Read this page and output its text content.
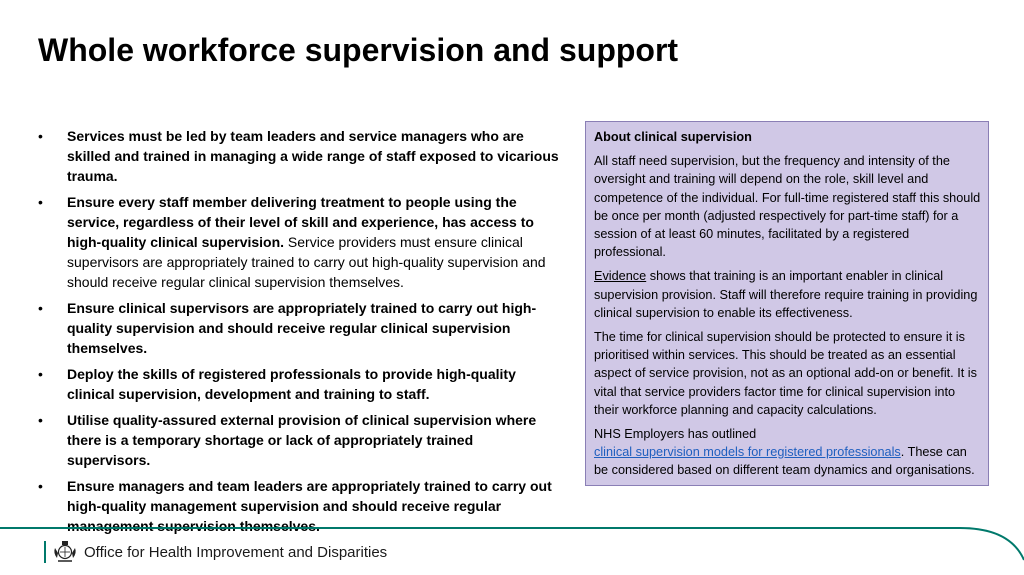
Whole workforce supervision and support
• Services must be led by team leaders and service managers who are skilled and trained in managing a wide range of staff exposed to vicarious trauma.
• Ensure every staff member delivering treatment to people using the service, regardless of their level of skill and experience, has access to high-quality clinical supervision. Service providers must ensure clinical supervisors are appropriately trained to carry out high-quality supervision and should receive regular clinical supervision themselves.
• Ensure clinical supervisors are appropriately trained to carry out high-quality supervision and should receive regular clinical supervision themselves.
• Deploy the skills of registered professionals to provide high-quality clinical supervision, development and training to staff.
• Utilise quality-assured external provision of clinical supervision where there is a temporary shortage or lack of appropriately trained supervisors.
• Ensure managers and team leaders are appropriately trained to carry out high-quality management supervision and should receive regular management supervision themselves.

About clinical supervision

All staff need supervision, but the frequency and intensity of the oversight and training will depend on the role, skill level and competence of the individual. For full-time registered staff this should be once per month (adjusted respectively for part-time staff) for a session of at least 60 minutes, facilitated by a registered professional.

Evidence shows that training is an important enabler in clinical supervision provision. Staff will therefore require training in providing clinical supervision to enable its effectiveness.

The time for clinical supervision should be protected to ensure it is prioritised within services. This should be treated as an essential aspect of service provision, not as an optional add-on or benefit. It is vital that service providers factor time for clinical supervision into their workforce planning and capacity calculations.

NHS Employers has outlined
clinical supervision models for registered professionals. These can be considered based on different team dynamics and organisations.

Office for Health Improvement and Disparities
